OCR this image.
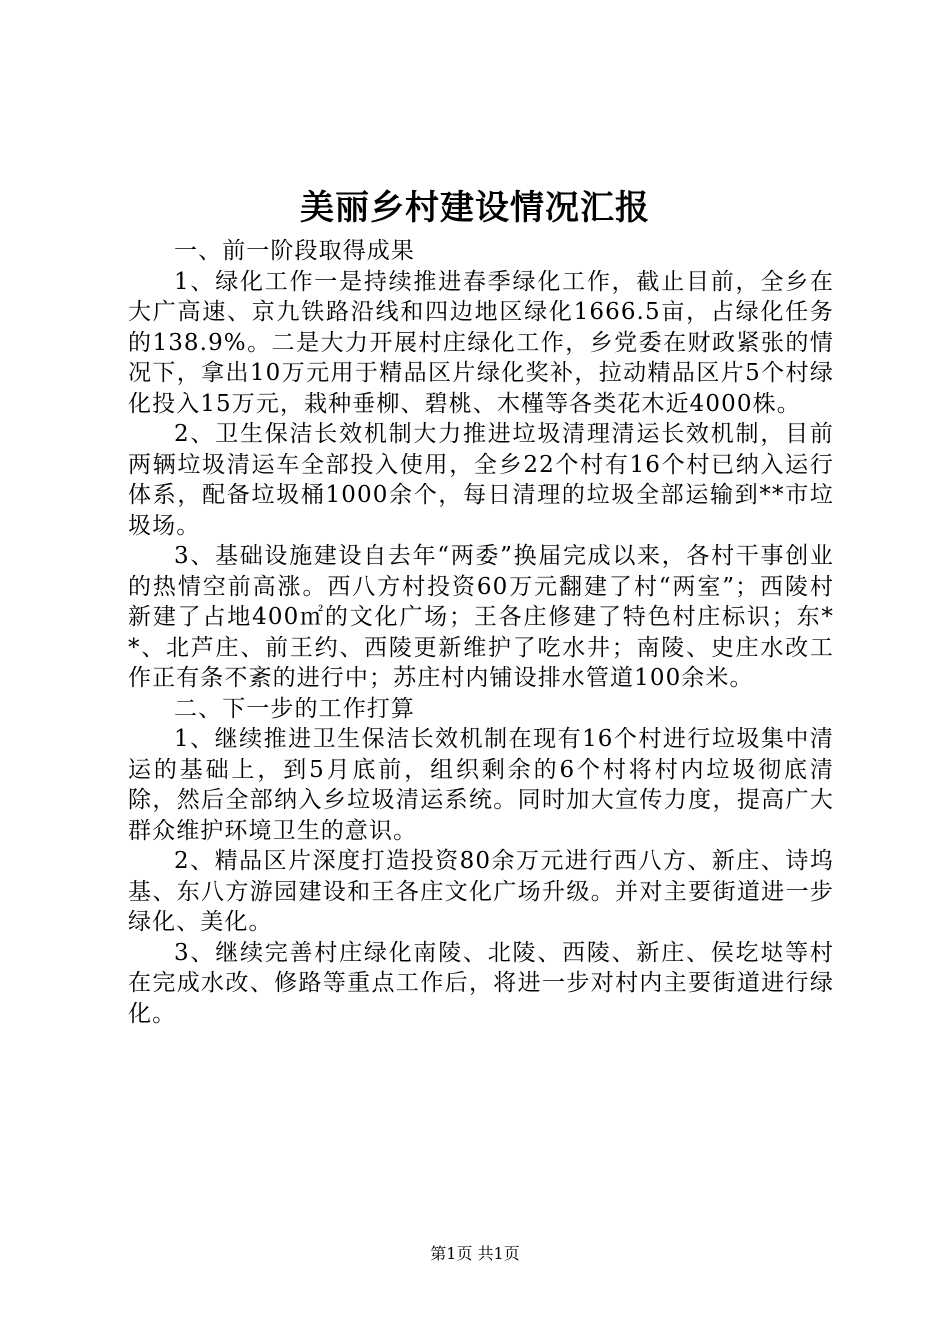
美丽乡村建设情况汇报

一、前一阶段取得成果

1、绿化工作一是持续推进春季绿化工作，截止目前，全乡在大广高速、京九铁路沿线和四边地区绿化1666.5亩，占绿化任务的138.9%。二是大力开展村庄绿化工作，乡党委在财政紧张的情况下，拿出10万元用于精品区片绿化奖补，拉动精品区片5个村绿化投入15万元，栽种垂柳、碧桃、木槿等各类花木近4000株。

2、卫生保洁长效机制大力推进垃圾清理清运长效机制，目前两辆垃圾清运车全部投入使用，全乡22个村有16个村已纳入运行体系，配备垃圾桶1000余个，每日清理的垃圾全部运输到**市垃圾场。

3、基础设施建设自去年“两委”换届完成以来，各村干事创业的热情空前高涨。西八方村投资60万元翻建了村“两室”；西陵村新建了占地400㎡的文化广场；王各庄修建了特色村庄标识；东**、北芦庄、前王约、西陵更新维护了吃水井；南陵、史庄水改工作正有条不紊的进行中；苏庄村内铺设排水管道100余米。

二、下一步的工作打算

1、继续推进卫生保洁长效机制在现有16个村进行垃圾集中清运的基础上，到5月底前，组织剩余的6个村将村内垃圾彻底清除，然后全部纳入乡垃圾清运系统。同时加大宣传力度，提高广大群众维护环境卫生的意识。

2、精品区片深度打造投资80余万元进行西八方、新庄、诗坞基、东八方游园建设和王各庄文化广场升级。并对主要街道进一步绿化、美化。

3、继续完善村庄绿化南陵、北陵、西陵、新庄、侯圪垯等村在完成水改、修路等重点工作后，将进一步对村内主要街道进行绿化。

第1页 共1页
